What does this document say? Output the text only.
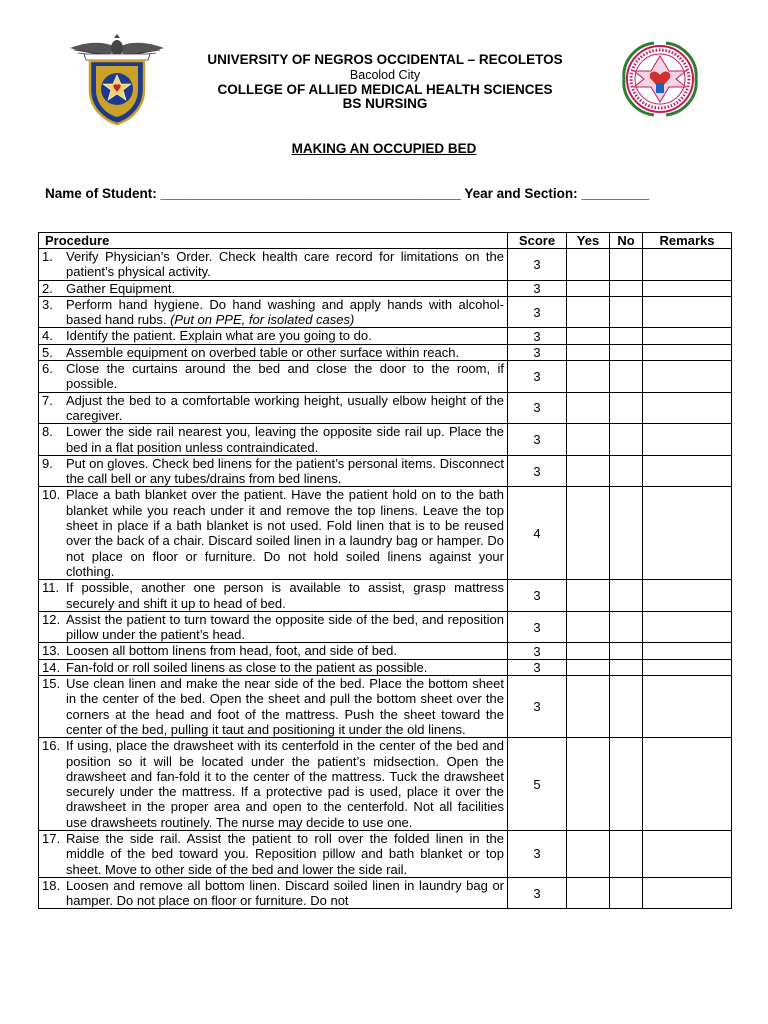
UNIVERSITY OF NEGROS OCCIDENTAL – RECOLETOS
Bacolod City
COLLEGE OF ALLIED MEDICAL HEALTH SCIENCES
BS NURSING
MAKING AN OCCUPIED BED
Name of Student: ________________________________________ Year and Section: _________
Procedure	Score	Yes	No	Remarks

1. Verify Physician’s Order. Check health care record for limitations on the patient’s physical activity.	3			

2. Gather Equipment.	3			

3. Perform hand hygiene. Do hand washing and apply hands with alcohol-based hand rubs. (Put on PPE, for isolated cases)	3			

4. Identify the patient. Explain what are you going to do.	3			

5. Assemble equipment on overbed table or other surface within reach.	3			

6. Close the curtains around the bed and close the door to the room, if possible.	3			

7. Adjust the bed to a comfortable working height, usually elbow height of the caregiver.	3			

8. Lower the side rail nearest you, leaving the opposite side rail up. Place the bed in a flat position unless contraindicated.	3			

9. Put on gloves. Check bed linens for the patient’s personal items. Disconnect the call bell or any tubes/drains from bed linens.	3			

10. Place a bath blanket over the patient. Have the patient hold on to the bath blanket while you reach under it and remove the top linens. Leave the top sheet in place if a bath blanket is not used. Fold linen that is to be reused over the back of a chair. Discard soiled linen in a laundry bag or hamper. Do not place on floor or furniture. Do not hold soiled linens against your clothing.	4			

11. If possible, another one person is available to assist, grasp mattress securely and shift it up to head of bed.	3			

12. Assist the patient to turn toward the opposite side of the bed, and reposition pillow under the patient’s head.	3			

13. Loosen all bottom linens from head, foot, and side of bed.	3			

14. Fan-fold or roll soiled linens as close to the patient as possible.	3			

15. Use clean linen and make the near side of the bed. Place the bottom sheet in the center of the bed. Open the sheet and pull the bottom sheet over the corners at the head and foot of the mattress. Push the sheet toward the center of the bed, pulling it taut and positioning it under the old linens.	3			

16. If using, place the drawsheet with its centerfold in the center of the bed and position so it will be located under the patient’s midsection. Open the drawsheet and fan-fold it to the center of the mattress. Tuck the drawsheet securely under the mattress. If a protective pad is used, place it over the drawsheet in the proper area and open to the centerfold. Not all facilities use drawsheets routinely. The nurse may decide to use one.	5			

17. Raise the side rail. Assist the patient to roll over the folded linen in the middle of the bed toward you. Reposition pillow and bath blanket or top sheet. Move to other side of the bed and lower the side rail.	3			

18. Loosen and remove all bottom linen. Discard soiled linen in laundry bag or hamper. Do not place on floor or furniture. Do not	3			
